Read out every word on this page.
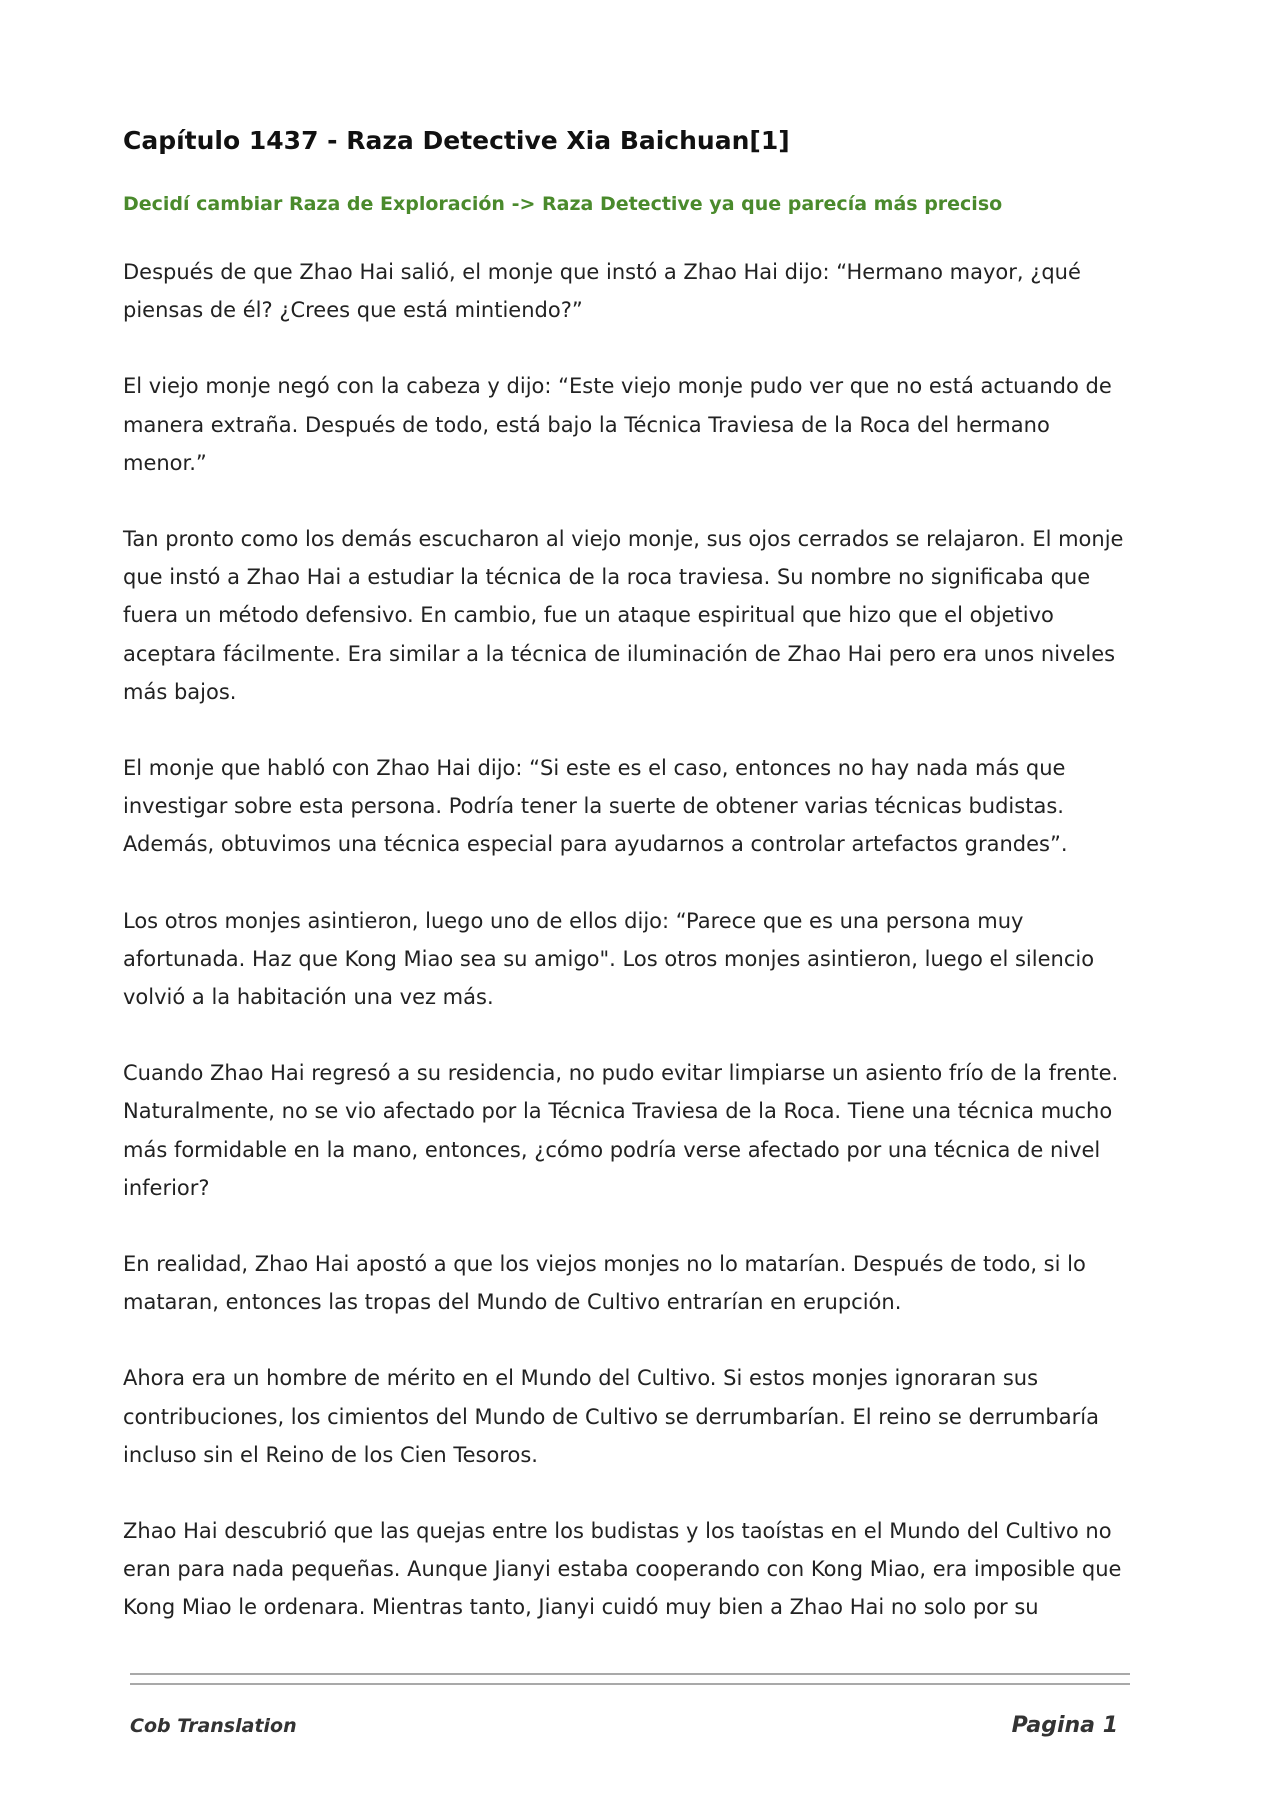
Capítulo 1437 - Raza Detective Xia Baichuan[1]
Decidí cambiar Raza de Exploración -> Raza Detective ya que parecía más preciso

Después de que Zhao Hai salió, el monje que instó a Zhao Hai dijo: “Hermano mayor, ¿qué piensas de él? ¿Crees que está mintiendo?”

El viejo monje negó con la cabeza y dijo: “Este viejo monje pudo ver que no está actuando de manera extraña. Después de todo, está bajo la Técnica Traviesa de la Roca del hermano menor.”

Tan pronto como los demás escucharon al viejo monje, sus ojos cerrados se relajaron. El monje que instó a Zhao Hai a estudiar la técnica de la roca traviesa. Su nombre no significaba que fuera un método defensivo. En cambio, fue un ataque espiritual que hizo que el objetivo aceptara fácilmente. Era similar a la técnica de iluminación de Zhao Hai pero era unos niveles más bajos.

El monje que habló con Zhao Hai dijo: “Si este es el caso, entonces no hay nada más que investigar sobre esta persona. Podría tener la suerte de obtener varias técnicas budistas. Además, obtuvimos una técnica especial para ayudarnos a controlar artefactos grandes”.

Los otros monjes asintieron, luego uno de ellos dijo: “Parece que es una persona muy afortunada. Haz que Kong Miao sea su amigo". Los otros monjes asintieron, luego el silencio volvió a la habitación una vez más.

Cuando Zhao Hai regresó a su residencia, no pudo evitar limpiarse un asiento frío de la frente. Naturalmente, no se vio afectado por la Técnica Traviesa de la Roca. Tiene una técnica mucho más formidable en la mano, entonces, ¿cómo podría verse afectado por una técnica de nivel inferior?

En realidad, Zhao Hai apostó a que los viejos monjes no lo matarían. Después de todo, si lo mataran, entonces las tropas del Mundo de Cultivo entrarían en erupción.

Ahora era un hombre de mérito en el Mundo del Cultivo. Si estos monjes ignoraran sus contribuciones, los cimientos del Mundo de Cultivo se derrumbarían. El reino se derrumbaría incluso sin el Reino de los Cien Tesoros.

Zhao Hai descubrió que las quejas entre los budistas y los taoístas en el Mundo del Cultivo no eran para nada pequeñas. Aunque Jianyi estaba cooperando con Kong Miao, era imposible que Kong Miao le ordenara. Mientras tanto, Jianyi cuidó muy bien a Zhao Hai no solo por su

Cob Translation	Pagina 1
